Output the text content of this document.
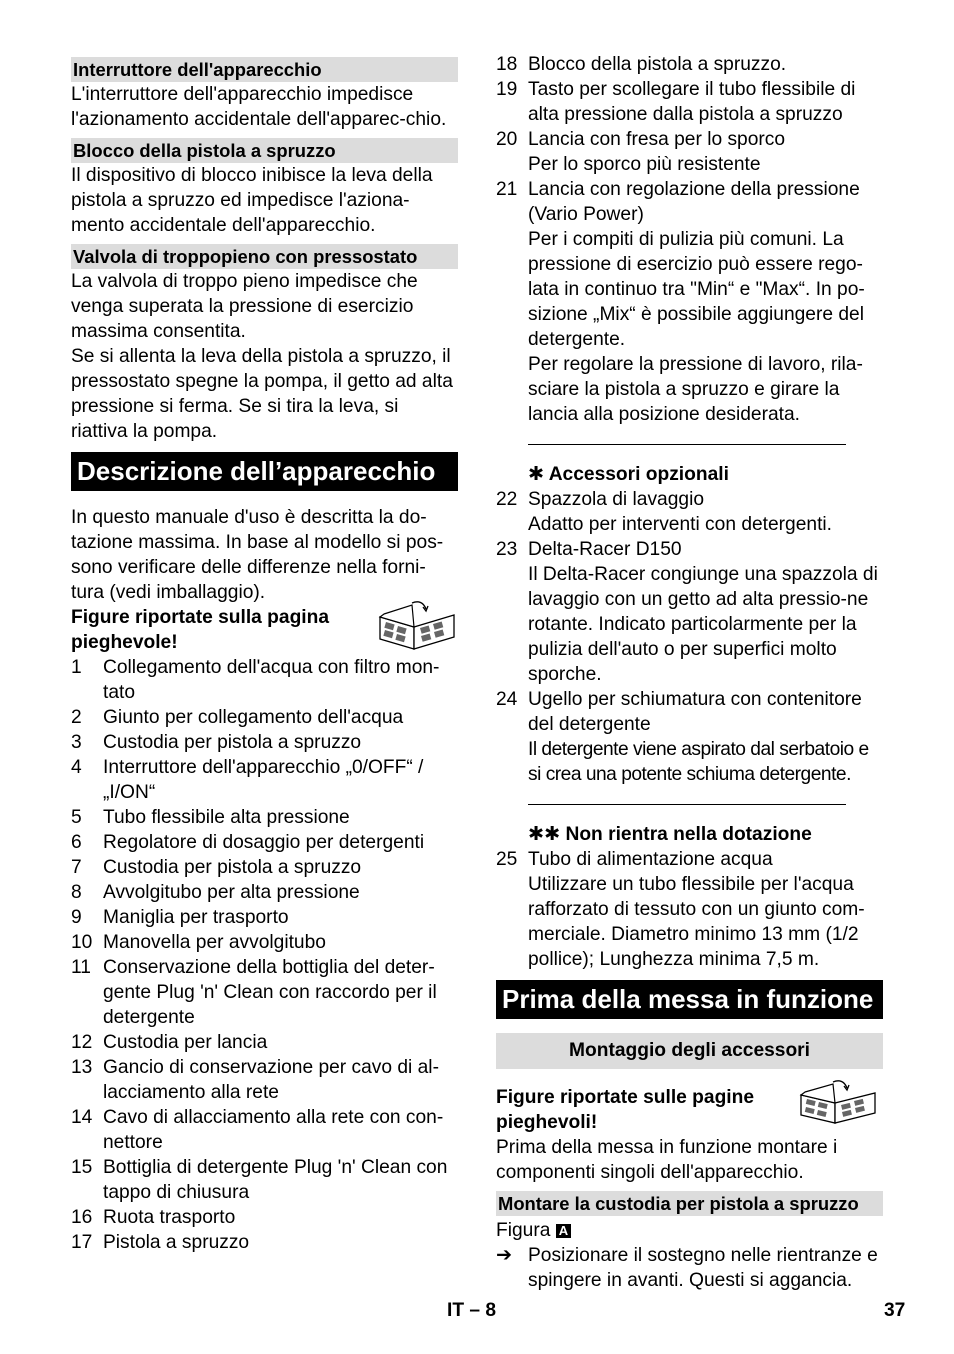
Interruttore dell'apparecchio

L'interruttore dell'apparecchio impedisce l'azionamento accidentale dell'apparec-chio.

Blocco della pistola a spruzzo

Il dispositivo di blocco inibisce la leva della pistola a spruzzo ed impedisce l'aziona-mento accidentale dell'apparecchio.

Valvola di troppopieno con pressostato

La valvola di troppo pieno impedisce che venga superata la pressione di esercizio massima consentita.

Se si allenta la leva della pistola a spruzzo, il pressostato spegne la pompa, il getto ad alta pressione si ferma. Se si tira la leva, si riattiva la pompa.

Descrizione dell’apparecchio

In questo manuale d'uso è descritta la do-tazione massima. In base al modello si pos-sono verificare delle differenze nella forni-tura (vedi imballaggio).

Figure riportate sulla pagina pieghevole!
1	Collegamento dell'acqua con filtro mon-tato
2	Giunto per collegamento dell'acqua
3	Custodia per pistola a spruzzo
4	Interruttore dell'apparecchio „0/OFF“ / „I/ON“
5	Tubo flessibile alta pressione
6	Regolatore di dosaggio per detergenti
7	Custodia per pistola a spruzzo
8	Avvolgitubo per alta pressione
9	Maniglia per trasporto
10 Manovella per avvolgitubo
11 Conservazione della bottiglia del deter-gente Plug 'n' Clean con raccordo per il detergente
12 Custodia per lancia
13 Gancio di conservazione per cavo di al-lacciamento alla rete
14 Cavo di allacciamento alla rete con con-nettore
15 Bottiglia di detergente Plug 'n' Clean con tappo di chiusura
16 Ruota trasporto
17 Pistola a spruzzo
18 Blocco della pistola a spruzzo.
19 Tasto per scollegare il tubo flessibile di alta pressione dalla pistola a spruzzo
20 Lancia con fresa per lo sporco

Per lo sporco più resistente

21 Lancia con regolazione della pressione (Vario Power)

Per i compiti di pulizia più comuni. La pressione di esercizio può essere rego-lata in continuo tra "Min“ e "Max“. In po-sizione „Mix“ è possibile aggiungere del detergente.

Per regolare la pressione di lavoro, rila-sciare la pistola a spruzzo e girare la lancia alla posizione desiderata.

✱ Accessori opzionali

22 Spazzola di lavaggio

Adatto per interventi con detergenti.

23 Delta-Racer D150

Il Delta-Racer congiunge una spazzola di lavaggio con un getto ad alta pressio-ne rotante. Indicato particolarmente per la pulizia dell'auto o per superfici molto sporche.

24 Ugello per schiumatura con contenitore del detergente

Il detergente viene aspirato dal serbatoio e si crea una potente schiuma detergente.

✱✱ Non rientra nella dotazione

25 Tubo di alimentazione acqua

Utilizzare un tubo flessibile per l'acqua rafforzato di tessuto con un giunto com-merciale. Diametro minimo 13 mm (1/2 pollice); Lunghezza minima 7,5 m.

Prima della messa in funzione
Montaggio degli accessori
Figure riportate sulle pagine pieghevoli!

Prima della messa in funzione montare i componenti singoli dell'apparecchio.

Montare la custodia per pistola a spruzzo

Figura A

➔ Posizionare il sostegno nelle rientranze e spingere in avanti. Questi si aggancia.
IT – 8	37
